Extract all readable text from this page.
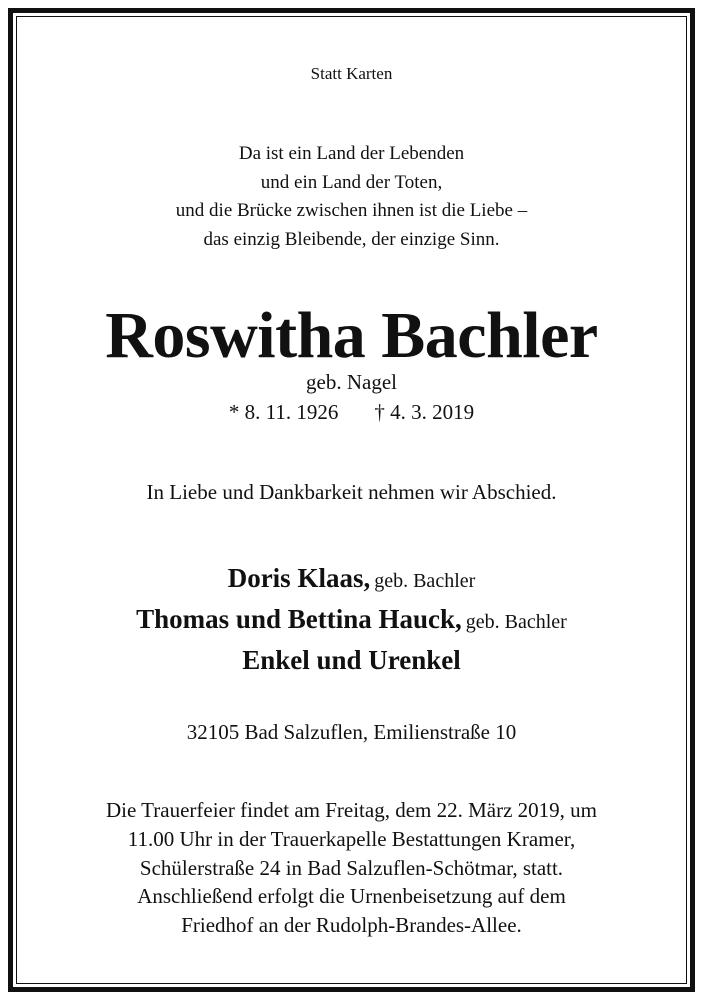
Statt Karten
Da ist ein Land der Lebenden
und ein Land der Toten,
und die Brücke zwischen ihnen ist die Liebe –
das einzig Bleibende, der einzige Sinn.
Roswitha Bachler
geb. Nagel
* 8. 11. 1926 † 4. 3. 2019
In Liebe und Dankbarkeit nehmen wir Abschied.
Doris Klaas, geb. Bachler
Thomas und Bettina Hauck, geb. Bachler
Enkel und Urenkel
32105 Bad Salzuflen, Emilienstraße 10
Die Trauerfeier findet am Freitag, dem 22. März 2019, um
11.00 Uhr in der Trauerkapelle Bestattungen Kramer,
Schülerstraße 24 in Bad Salzuflen-Schötmar, statt.
Anschließend erfolgt die Urnenbeisetzung auf dem
Friedhof an der Rudolph-Brandes-Allee.
